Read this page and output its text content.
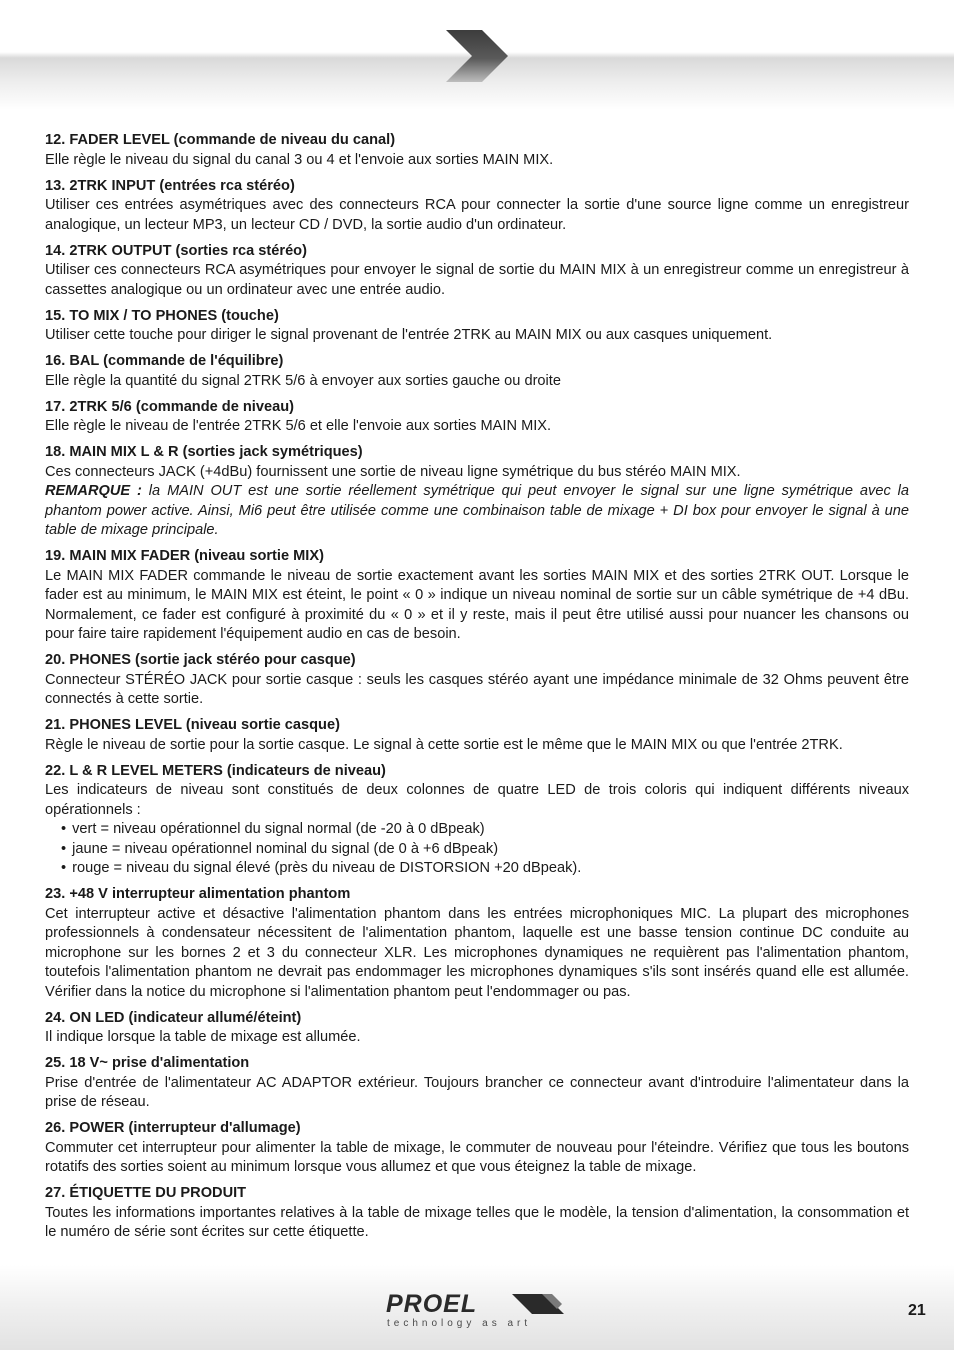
12. FADER LEVEL (commande de niveau du canal)
Elle règle le niveau du signal du canal 3 ou 4 et l'envoie aux sorties MAIN MIX.
13. 2TRK INPUT (entrées rca stéréo)
Utiliser ces entrées asymétriques avec des connecteurs RCA pour connecter la sortie d'une source ligne comme un enregistreur analogique, un lecteur MP3, un lecteur CD / DVD, la sortie audio d'un ordinateur.
14. 2TRK OUTPUT (sorties rca stéréo)
Utiliser ces connecteurs RCA asymétriques pour envoyer le signal de sortie du MAIN MIX à un enregistreur comme un enregistreur à cassettes analogique ou un ordinateur avec une entrée audio.
15. TO MIX / TO PHONES (touche)
Utiliser cette touche pour diriger le signal provenant de l'entrée 2TRK au MAIN MIX ou aux casques uniquement.
16. BAL (commande de l'équilibre)
Elle règle la quantité du signal 2TRK 5/6 à envoyer aux sorties gauche ou droite
17. 2TRK 5/6 (commande de niveau)
Elle règle le niveau de l'entrée 2TRK 5/6 et elle l'envoie aux sorties MAIN MIX.
18. MAIN MIX L & R (sorties jack symétriques)
Ces connecteurs JACK (+4dBu) fournissent une sortie de niveau ligne symétrique du bus stéréo MAIN MIX.
REMARQUE : la MAIN OUT est une sortie réellement symétrique qui peut envoyer le signal sur une ligne symétrique avec la phantom power active. Ainsi, Mi6 peut être utilisée comme une combinaison table de mixage + DI box pour envoyer le signal à une table de mixage principale.
19. MAIN MIX FADER (niveau sortie MIX)
Le MAIN MIX FADER commande le niveau de sortie exactement avant les sorties MAIN MIX et des sorties 2TRK OUT. Lorsque le fader est au minimum, le MAIN MIX est éteint, le point « 0 » indique un niveau nominal de sortie sur un câble symétrique de +4 dBu. Normalement, ce fader est configuré à proximité du « 0 » et il y reste, mais il peut être utilisé aussi pour nuancer les chansons ou pour faire taire rapidement l'équipement audio en cas de besoin.
20. PHONES (sortie jack stéréo pour casque)
Connecteur STÉRÉO JACK pour sortie casque : seuls les casques stéréo ayant une impédance minimale de 32 Ohms peuvent être connectés à cette sortie.
21. PHONES LEVEL (niveau sortie casque)
Règle le niveau de sortie pour la sortie casque. Le signal à cette sortie est le même que le MAIN MIX ou que l'entrée 2TRK.
22. L & R LEVEL METERS (indicateurs de niveau)
Les indicateurs de niveau sont constitués de deux colonnes de quatre LED de trois coloris qui indiquent différents niveaux opérationnels :
• vert = niveau opérationnel du signal normal (de -20 à 0 dBpeak)
• jaune = niveau opérationnel nominal du signal (de 0 à +6 dBpeak)
• rouge = niveau du signal élevé (près du niveau de DISTORSION +20 dBpeak).
23. +48 V interrupteur alimentation phantom
Cet interrupteur active et désactive l'alimentation phantom dans les entrées microphoniques MIC. La plupart des microphones professionnels à condensateur nécessitent de l'alimentation phantom, laquelle est une basse tension continue DC conduite au microphone sur les bornes 2 et 3 du connecteur XLR. Les microphones dynamiques ne requièrent pas l'alimentation phantom, toutefois l'alimentation phantom ne devrait pas endommager les microphones dynamiques s'ils sont insérés quand elle est allumée. Vérifier dans la notice du microphone si l'alimentation phantom peut l'endommager ou pas.
24. ON LED (indicateur allumé/éteint)
Il indique lorsque la table de mixage est allumée.
25. 18 V~ prise d'alimentation
Prise d'entrée de l'alimentateur AC ADAPTOR extérieur. Toujours brancher ce connecteur avant d'introduire l'alimentateur dans la prise de réseau.
26. POWER (interrupteur d'allumage)
Commuter cet interrupteur pour alimenter la table de mixage, le commuter de nouveau pour l'éteindre. Vérifiez que tous les boutons rotatifs des sorties soient au minimum lorsque vous allumez et que vous éteignez la table de mixage.
27. ÉTIQUETTE DU PRODUIT
Toutes les informations importantes relatives à la table de mixage telles que le modèle, la tension d'alimentation, la consommation et le numéro de série sont écrites sur cette étiquette.
PROEL
technology as art
21
